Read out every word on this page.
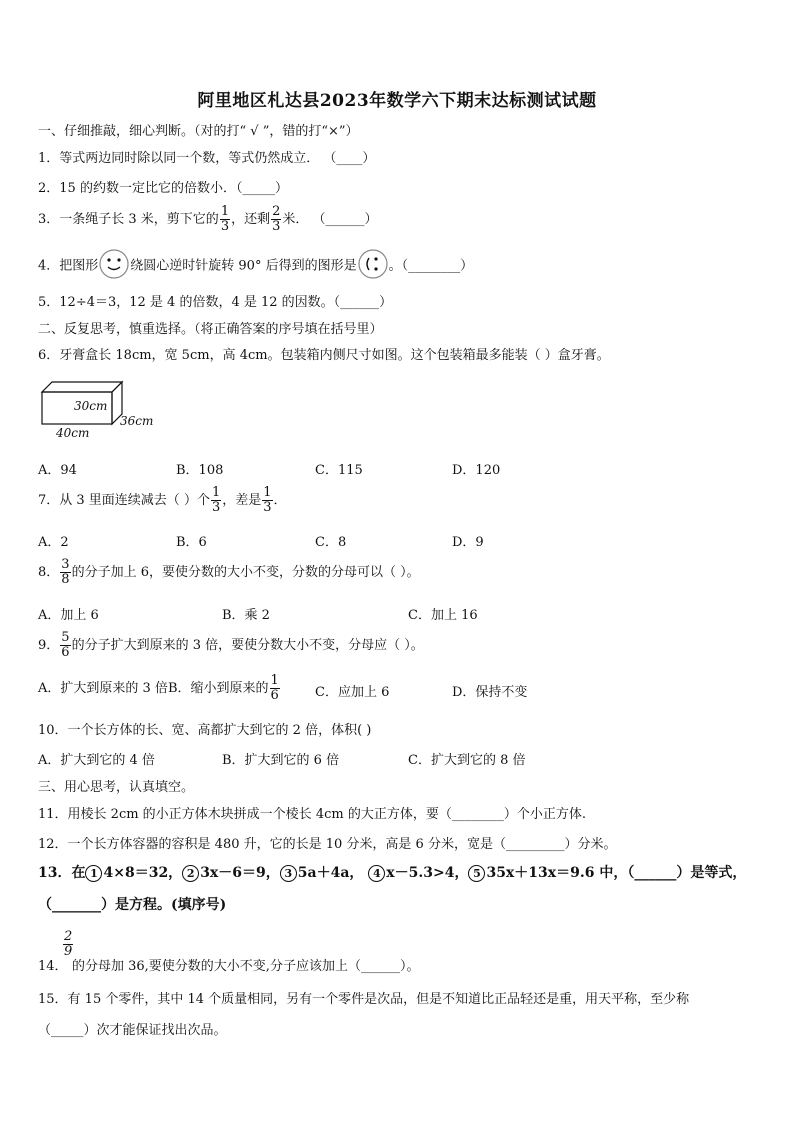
阿里地区札达县2023年数学六下期末达标测试试题
一、仔细推敲，细心判断。（对的打“ √ ”，错的打“×”）
1．等式两边同时除以同一个数，等式仍然成立． （____）
2．15 的约数一定比它的倍数小．（_____）
3．一条绳子长 3 米，剪下它的 $\frac{1}{3}$ ，还剩 $\frac{2}{3}$ 米． （______）
4．把图形 绕圆心逆时针旋转 90° 后得到的图形是 。（________）
5．12÷4＝3，12 是 4 的倍数，4 是 12 的因数。（______）
二、反复思考，慎重选择。（将正确答案的序号填在括号里）
6．牙膏盒长 18cm，宽 5cm，高 4cm。包装箱内侧尺寸如图。这个包装箱最多能装（ ）盒牙膏。
30cm
36cm
40cm
A．94	B．108	C．115	D．120
7．从 3 里面连续减去（ ）个 $\frac{1}{3}$ ，差是 $\frac{1}{3}$ ．
A．2	B．6	C．8	D．9
8． $\frac{3}{8}$ 的分子加上 6，要使分数的大小不变，分数的分母可以（ ）。
A．加上 6	B．乘 2	C．加上 16
9． $\frac{5}{6}$ 的分子扩大到原来的 3 倍，要使分数大小不变，分母应（ ）。
A．扩大到原来的 3 倍B．缩小到原来的 $\frac{1}{6}$	C．应加上 6	D．保持不变
10．一个长方体的长、宽、高都扩大到它的 2 倍，体积( )
A．扩大到它的 4 倍	B．扩大到它的 6 倍	C．扩大到它的 8 倍
三、用心思考，认真填空。
11．用棱长 2cm 的小正方体木块拼成一个棱长 4cm 的大正方体，要（________）个小正方体.
12．一个长方体容器的容积是 480 升，它的长是 10 分米，高是 6 分米，宽是（_________）分米。
13．在 1 4×8＝32， 2 3x－6＝9， 3 5a＋4a， 4 x－5.3>4， 5 35x＋13x＝9.6 中，（______）是等式，
（_______）是方程。(填序号)
14．
$\frac{2}{9}$
的分母加 36,要使分数的大小不变,分子应该加上（______）。
15．有 15 个零件，其中 14 个质量相同，另有一个零件是次品，但是不知道比正品轻还是重，用天平称，至少称
（_____）次才能保证找出次品。
